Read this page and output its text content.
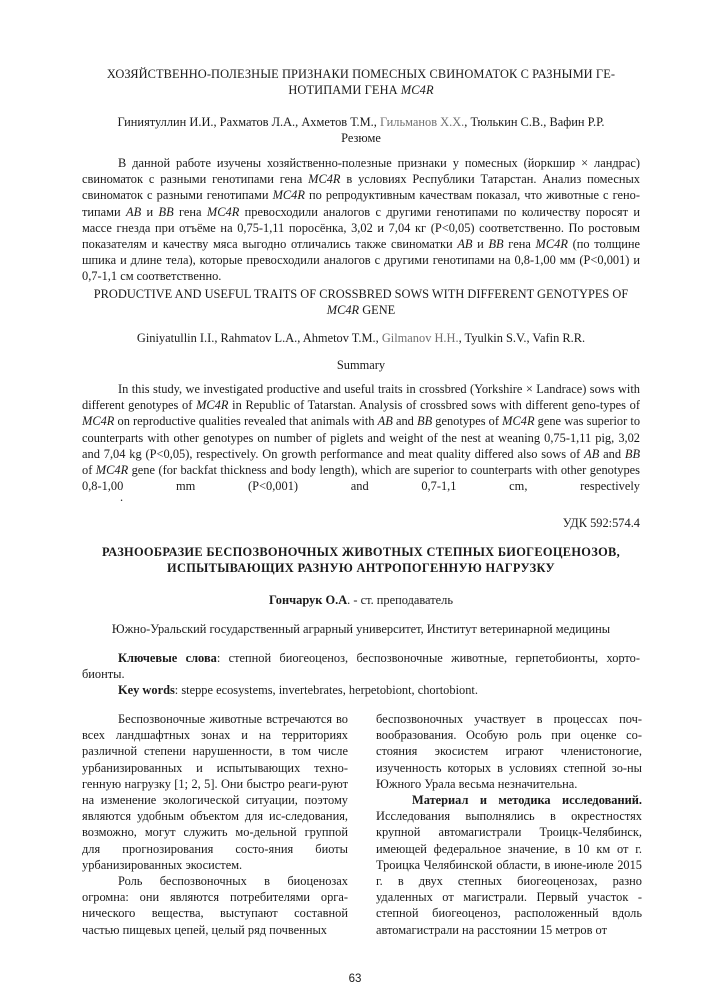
ХОЗЯЙСТВЕННО-ПОЛЕЗНЫЕ ПРИЗНАКИ ПОМЕСНЫХ СВИНОМАТОК С РАЗНЫМИ ГЕ-
НОТИПАМИ ГЕНА MC4R
Гиниятуллин И.И., Рахматов Л.А., Ахметов Т.М., Гильманов Х.Х., Тюлькин С.В., Вафин Р.Р.
Резюме

В данной работе изучены хозяйственно-полезные признаки у помесных (йоркшир × ландрас) свиноматок с разными генотипами гена MC4R в условиях Республики Татарстан. Анализ помесных свиноматок с разными генотипами MC4R по репродуктивным качествам показал, что животные с гено-типами AB и BB гена MC4R превосходили аналогов с другими генотипами по количеству поросят и массе гнезда при отъёме на 0,75-1,11 поросёнка, 3,02 и 7,04 кг (P<0,05) соответственно. По ростовым показателям и качеству мяса выгодно отличались также свиноматки AB и BB гена MC4R (по толщине шпика и длине тела), которые превосходили аналогов с другими генотипами на 0,8-1,00 мм (P<0,001) и 0,7-1,1 см соответственно.

PRODUCTIVE AND USEFUL TRAITS OF CROSSBRED SOWS WITH DIFFERENT GENOTYPES OF
MC4R GENE
Giniyatullin I.I., Rahmatov L.A., Ahmetov T.M., Gilmanov H.H., Tyulkin S.V., Vafin R.R.
Summary

In this study, we investigated productive and useful traits in crossbred (Yorkshire × Landrace) sows with different genotypes of MC4R in Republic of Tatarstan. Analysis of crossbred sows with different geno-types of MC4R on reproductive qualities revealed that animals with AB and BB genotypes of MC4R gene was superior to counterparts with other genotypes on number of piglets and weight of the nest at weaning 0,75-1,11 pig, 3,02 and 7,04 kg (P<0,05), respectively. On growth performance and meat quality differed also sows of AB and BB of MC4R gene (for backfat thickness and body length), which are superior to counterparts with other genotypes 0,8-1,00 mm (P<0,001) and 0,7-1,1 cm, respectively

.
УДК 592:574.4
РАЗНООБРАЗИЕ БЕСПОЗВОНОЧНЫХ ЖИВОТНЫХ СТЕПНЫХ БИОГЕОЦЕНОЗОВ,
ИСПЫТЫВАЮЩИХ РАЗНУЮ АНТРОПОГЕННУЮ НАГРУЗКУ
Гончарук О.А. - ст. преподаватель
Южно-Уральский государственный аграрный университет, Институт ветеринарной медицины

Ключевые слова: степной биогеоценоз, беспозвоночные животные, герпетобионты, хорто-бионты.

Key words: steppe ecosystems, invertebrates, herpetobiont, chortobiont.

Беспозвоночные животные встречаются во всех ландшафтных зонах и на территориях различной степени нарушенности, в том числе урбанизированных и испытывающих техно-генную нагрузку [1; 2, 5]. Они быстро реаги-руют на изменение экологической ситуации, поэтому являются удобным объектом для ис-следования, возможно, могут служить мо-дельной группой для прогнозирования состо-яния биоты урбанизированных экосистем.

Роль беспозвоночных в биоценозах огромна: они являются потребителями орга-нического вещества, выступают составной частью пищевых цепей, целый ряд почвенных

беспозвоночных участвует в процессах поч-вообразования. Особую роль при оценке со-стояния экосистем играют членистоногие, изученность которых в условиях степной зо-ны Южного Урала весьма незначительна.

Материал и методика исследований. Исследования выполнялись в окрестностях крупной автомагистрали Троицк-Челябинск, имеющей федеральное значение, в 10 км от г. Троицка Челябинской области, в июне-июле 2015 г. в двух степных биогеоценозах, разно удаленных от магистрали. Первый участок - степной биогеоценоз, расположенный вдоль автомагистрали на расстоянии 15 метров от

63
